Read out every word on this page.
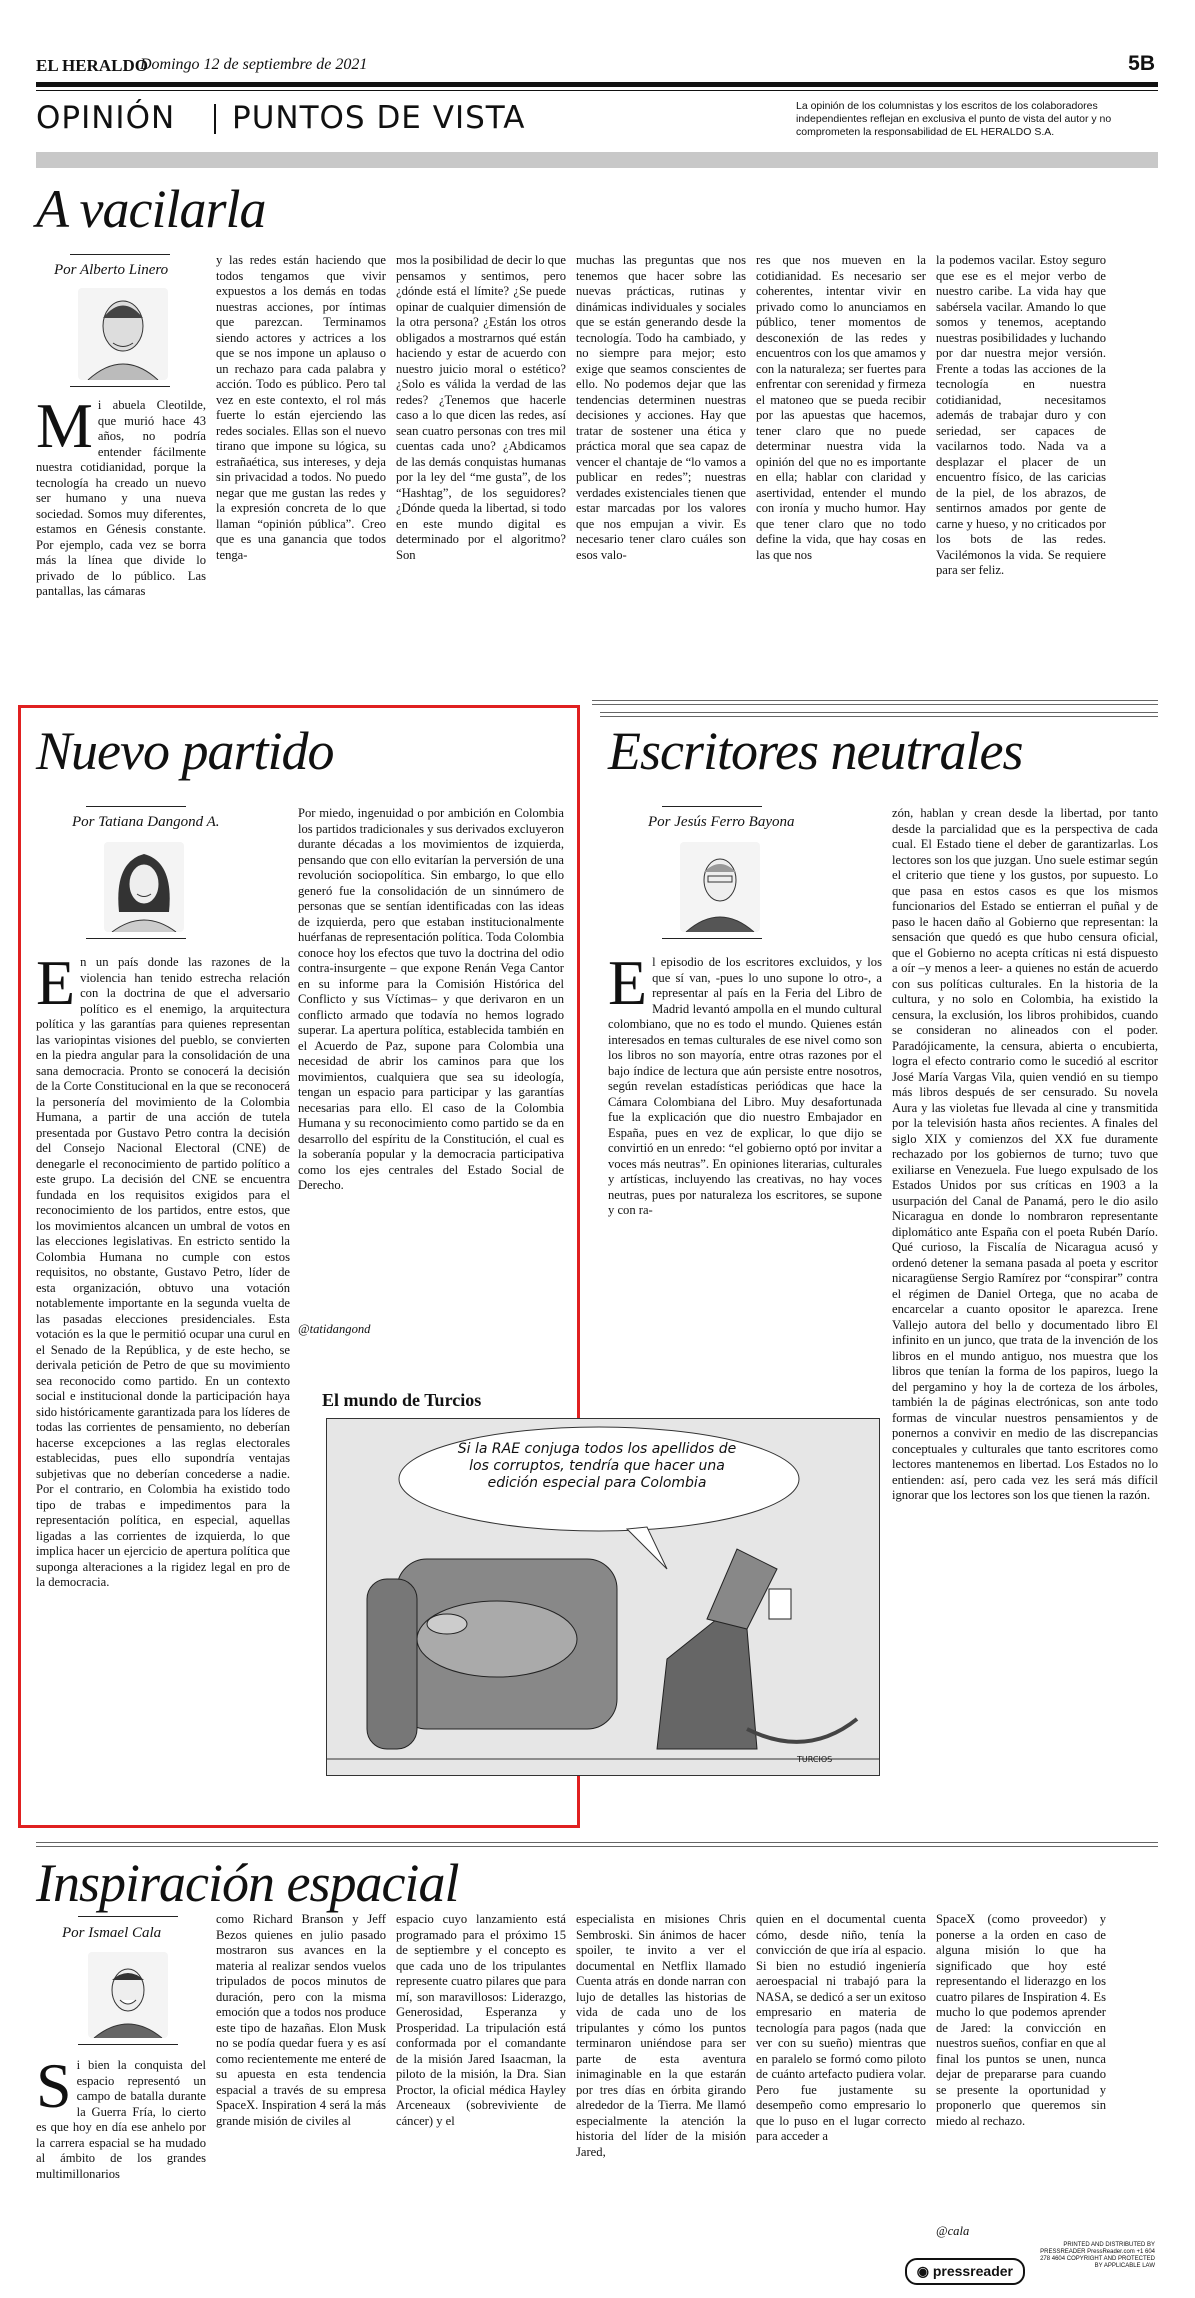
EL HERALDO
Domingo 12 de septiembre de 2021	5B
OPINIÓN PUNTOS DE VISTA	La opinión de los columnistas y los escritos de los colaboradores independientes reflejan en exclusiva el punto de vista del autor y no comprometen la responsabilidad de EL HERALDO S.A.
A vacilarla
Por Alberto Linero
M i abuela Cleotilde, que murió hace 43 años, no podría entender fácilmente nuestra cotidianidad, porque la tecnología ha creado un nuevo ser humano y una nueva sociedad. Somos muy diferentes, estamos en Génesis constante. Por ejemplo, cada vez se borra más la línea que divide lo privado de lo público. Las pantallas, las cámaras

y las redes están haciendo que todos tengamos que vivir expuestos a los demás en todas nuestras acciones, por íntimas que parezcan. Terminamos siendo actores y actrices a los que se nos impone un aplauso o un rechazo para cada palabra y acción. Todo es público. Pero tal vez en este contexto, el rol más fuerte lo están ejerciendo las redes sociales. Ellas son el nuevo tirano que impone su lógica, su estrañaética, sus intereses, y deja sin privacidad a todos. No puedo negar que me gustan las redes y la expresión concreta de lo que llaman “opinión pública”. Creo que es una ganancia que todos tenga-
mos la posibilidad de decir lo que pensamos y sentimos, pero ¿dónde está el límite? ¿Se puede opinar de cualquier dimensión de la otra persona? ¿Están los otros obligados a mostrarnos qué están haciendo y estar de acuerdo con nuestro juicio moral o estético? ¿Solo es válida la verdad de las redes? ¿Tenemos que hacerle caso a lo que dicen las redes, así sean cuatro personas con tres mil cuentas cada uno? ¿Abdicamos de las demás conquistas humanas por la ley del “me gusta”, de los “Hashtag”, de los seguidores? ¿Dónde queda la libertad, si todo en este mundo digital es determinado por el algoritmo? Son
muchas las preguntas que nos tenemos que hacer sobre las nuevas prácticas, rutinas y dinámicas individuales y sociales que se están generando desde la tecnología. Todo ha cambiado, y no siempre para mejor; esto exige que seamos conscientes de ello. No podemos dejar que las tendencias determinen nuestras decisiones y acciones. Hay que tratar de sostener una ética y práctica moral que sea capaz de vencer el chantaje de “lo vamos a publicar en redes”; nuestras verdades existenciales tienen que estar marcadas por los valores que nos empujan a vivir. Es necesario tener claro cuáles son esos valo-
res que nos mueven en la cotidianidad. Es necesario ser coherentes, intentar vivir en privado como lo anunciamos en público, tener momentos de desconexión de las redes y encuentros con los que amamos y con la naturaleza; ser fuertes para enfrentar con serenidad y firmeza el matoneo que se pueda recibir por las apuestas que hacemos, tener claro que no puede determinar nuestra vida la opinión del que no es importante en ella; hablar con claridad y asertividad, entender el mundo con ironía y mucho humor. Hay que tener claro que no todo define la vida, que hay cosas en las que nos
la podemos vacilar. Estoy seguro que ese es el mejor verbo de nuestro caribe. La vida hay que sabérsela vacilar. Amando lo que somos y tenemos, aceptando nuestras posibilidades y luchando por dar nuestra mejor versión. Frente a todas las acciones de la tecnología en nuestra cotidianidad, necesitamos además de trabajar duro y con seriedad, ser capaces de vacilarnos todo. Nada va a desplazar el placer de un encuentro físico, de las caricias de la piel, de los abrazos, de sentirnos amados por gente de carne y hueso, y no criticados por los bots de las redes. Vacilémonos la vida. Se requiere para ser feliz.
Nuevo partido
Por Tatiana Dangond A.
E n un país donde las razones de la violencia han tenido estrecha relación con la doctrina de que el adversario político es el enemigo, la arquitectura política y las garantías para quienes representan las variopintas visiones del pueblo, se convierten en la piedra angular para la consolidación de una sana democracia. Pronto se conocerá la decisión de la Corte Constitucional en la que se reconocerá la personería del movimiento de la Colombia Humana, a partir de una acción de tutela presentada por Gustavo Petro contra la decisión del Consejo Nacional Electoral (CNE) de denegarle el reconocimiento de partido político a este grupo. La decisión del CNE se encuentra fundada en los requisitos exigidos para el reconocimiento de los partidos, entre estos, que los movimientos alcancen un umbral de votos en las elecciones legislativas. En estricto sentido la Colombia Humana no cumple con estos requisitos, no obstante, Gustavo Petro, líder de esta organización, obtuvo una votación notablemente importante en la segunda vuelta de las pasadas elecciones presidenciales. Esta votación es la que le permitió ocupar una curul en el Senado de la República, y de este hecho, se derivala petición de Petro de que su movimiento sea reconocido como partido. En un contexto social e institucional donde la participación haya sido históricamente garantizada para los líderes de todas las corrientes de pensamiento, no deberían hacerse excepciones a las reglas electorales establecidas, pues ello supondría ventajas subjetivas que no deberían concederse a nadie. Por el contrario, en Colombia ha existido todo tipo de trabas e impedimentos para la representación política, en especial, aquellas ligadas a las corrientes de izquierda, lo que implica hacer un ejercicio de apertura política que suponga alteraciones a la rigidez legal en pro de la democracia.

Por miedo, ingenuidad o por ambición en Colombia los partidos tradicionales y sus derivados excluyeron durante décadas a los movimientos de izquierda, pensando que con ello evitarían la perversión de una revolución sociopolítica. Sin embargo, lo que ello generó fue la consolidación de un sinnúmero de personas que se sentían identificadas con las ideas de izquierda, pero que estaban institucionalmente huérfanas de representación política. Toda Colombia conoce hoy los efectos que tuvo la doctrina del odio contra-insurgente – que expone Renán Vega Cantor en su informe para la Comisión Histórica del Conflicto y sus Víctimas– y que derivaron en un conflicto armado que todavía no hemos logrado superar. La apertura política, establecida también en el Acuerdo de Paz, supone para Colombia una necesidad de abrir los caminos para que los movimientos, cualquiera que sea su ideología, tengan un espacio para participar y las garantías necesarias para ello. El caso de la Colombia Humana y su reconocimiento como partido se da en desarrollo del espíritu de la Constitución, el cual es la soberanía popular y la democracia participativa como los ejes centrales del Estado Social de Derecho.
@tatidangond
Escritores neutrales
Por Jesús Ferro Bayona
E l episodio de los escritores excluidos, y los que sí van, -pues lo uno supone lo otro-, a representar al país en la Feria del Libro de Madrid levantó ampolla en el mundo cultural colombiano, que no es todo el mundo. Quienes están interesados en temas culturales de ese nivel como son los libros no son mayoría, entre otras razones por el bajo índice de lectura que aún persiste entre nosotros, según revelan estadísticas periódicas que hace la Cámara Colombiana del Libro. Muy desafortunada fue la explicación que dio nuestro Embajador en España, pues en vez de explicar, lo que dijo se convirtió en un enredo: “el gobierno optó por invitar a voces más neutras”. En opiniones literarias, culturales y artísticas, incluyendo las creativas, no hay voces neutras, pues por naturaleza los escritores, se supone y con ra-

zón, hablan y crean desde la libertad, por tanto desde la parcialidad que es la perspectiva de cada cual. El Estado tiene el deber de garantizarlas. Los lectores son los que juzgan. Uno suele estimar según el criterio que tiene y los gustos, por supuesto. Lo que pasa en estos casos es que los mismos funcionarios del Estado se entierran el puñal y de paso le hacen daño al Gobierno que representan: la sensación que quedó es que hubo censura oficial, que el Gobierno no acepta críticas ni está dispuesto a oír –y menos a leer- a quienes no están de acuerdo con sus políticas culturales. En la historia de la cultura, y no solo en Colombia, ha existido la censura, la exclusión, los libros prohibidos, cuando se consideran no alineados con el poder. Paradójicamente, la censura, abierta o encubierta, logra el efecto contrario como le sucedió al escritor José María Vargas Vila, quien vendió en su tiempo más libros después de ser censurado. Su novela Aura y las violetas fue llevada al cine y transmitida por la televisión hasta años recientes. A finales del siglo XIX y comienzos del XX fue duramente rechazado por los gobiernos de turno; tuvo que exiliarse en Venezuela. Fue luego expulsado de los Estados Unidos por sus críticas en 1903 a la usurpación del Canal de Panamá, pero le dio asilo Nicaragua en donde lo nombraron representante diplomático ante España con el poeta Rubén Darío. Qué curioso, la Fiscalía de Nicaragua acusó y ordenó detener la semana pasada al poeta y escritor nicaragüense Sergio Ramírez por “conspirar” contra el régimen de Daniel Ortega, que no acaba de encarcelar a cuanto opositor le aparezca. Irene Vallejo autora del bello y documentado libro El infinito en un junco, que trata de la invención de los libros en el mundo antiguo, nos muestra que los libros que tenían la forma de los papiros, luego la del pergamino y hoy la de corteza de los árboles, también la de páginas electrónicas, son ante todo formas de vincular nuestros pensamientos y de ponernos a convivir en medio de las discrepancias conceptuales y culturales que tanto escritores como lectores mantenemos en libertad. Los Estados no lo entienden: así, pero cada vez les será más difícil ignorar que los lectores son los que tienen la razón.
El mundo de Turcios
Si la RAE conjuga todos los apellidos de los corruptos, tendría que hacer una edición especial para Colombia
TURCIOS
Inspiración espacial
Por Ismael Cala
S i bien la conquista del espacio representó un campo de batalla durante la Guerra Fría, lo cierto es que hoy en día ese anhelo por la carrera espacial se ha mudado al ámbito de los grandes multimillonarios

como Richard Branson y Jeff Bezos quienes en julio pasado mostraron sus avances en la materia al realizar sendos vuelos tripulados de pocos minutos de duración, pero con la misma emoción que a todos nos produce este tipo de hazañas. Elon Musk no se podía quedar fuera y es así como recientemente me enteré de su apuesta en esta tendencia espacial a través de su empresa SpaceX. Inspiration 4 será la más grande misión de civiles al
espacio cuyo lanzamiento está programado para el próximo 15 de septiembre y el concepto es que cada uno de los tripulantes represente cuatro pilares que para mí, son maravillosos: Liderazgo, Generosidad, Esperanza y Prosperidad. La tripulación está conformada por el comandante de la misión Jared Isaacman, la piloto de la misión, la Dra. Sian Proctor, la oficial médica Hayley Arceneaux (sobreviviente de cáncer) y el
especialista en misiones Chris Sembroski. Sin ánimos de hacer spoiler, te invito a ver el documental en Netflix llamado Cuenta atrás en donde narran con lujo de detalles las historias de vida de cada uno de los tripulantes y cómo los puntos terminaron uniéndose para ser parte de esta aventura inimaginable en la que estarán por tres días en órbita girando alrededor de la Tierra. Me llamó especialmente la atención la historia del líder de la misión Jared,
quien en el documental cuenta cómo, desde niño, tenía la convicción de que iría al espacio. Si bien no estudió ingeniería aeroespacial ni trabajó para la NASA, se dedicó a ser un exitoso empresario en materia de tecnología para pagos (nada que ver con su sueño) mientras que en paralelo se formó como piloto de cuánto artefacto pudiera volar. Pero fue justamente su desempeño como empresario lo que lo puso en el lugar correcto para acceder a
SpaceX (como proveedor) y ponerse a la orden en caso de alguna misión lo que ha significado que hoy esté representando el liderazgo en los cuatro pilares de Inspiration 4. Es mucho lo que podemos aprender de Jared: la convicción en nuestros sueños, confiar en que al final los puntos se unen, nunca dejar de prepararse para cuando se presente la oportunidad y proponerlo que queremos sin miedo al rechazo.
@cala
PRINTED AND DISTRIBUTED BY PRESSREADER PressReader.com +1 604 278 4604 COPYRIGHT AND PROTECTED BY APPLICABLE LAW
◉ pressreader
